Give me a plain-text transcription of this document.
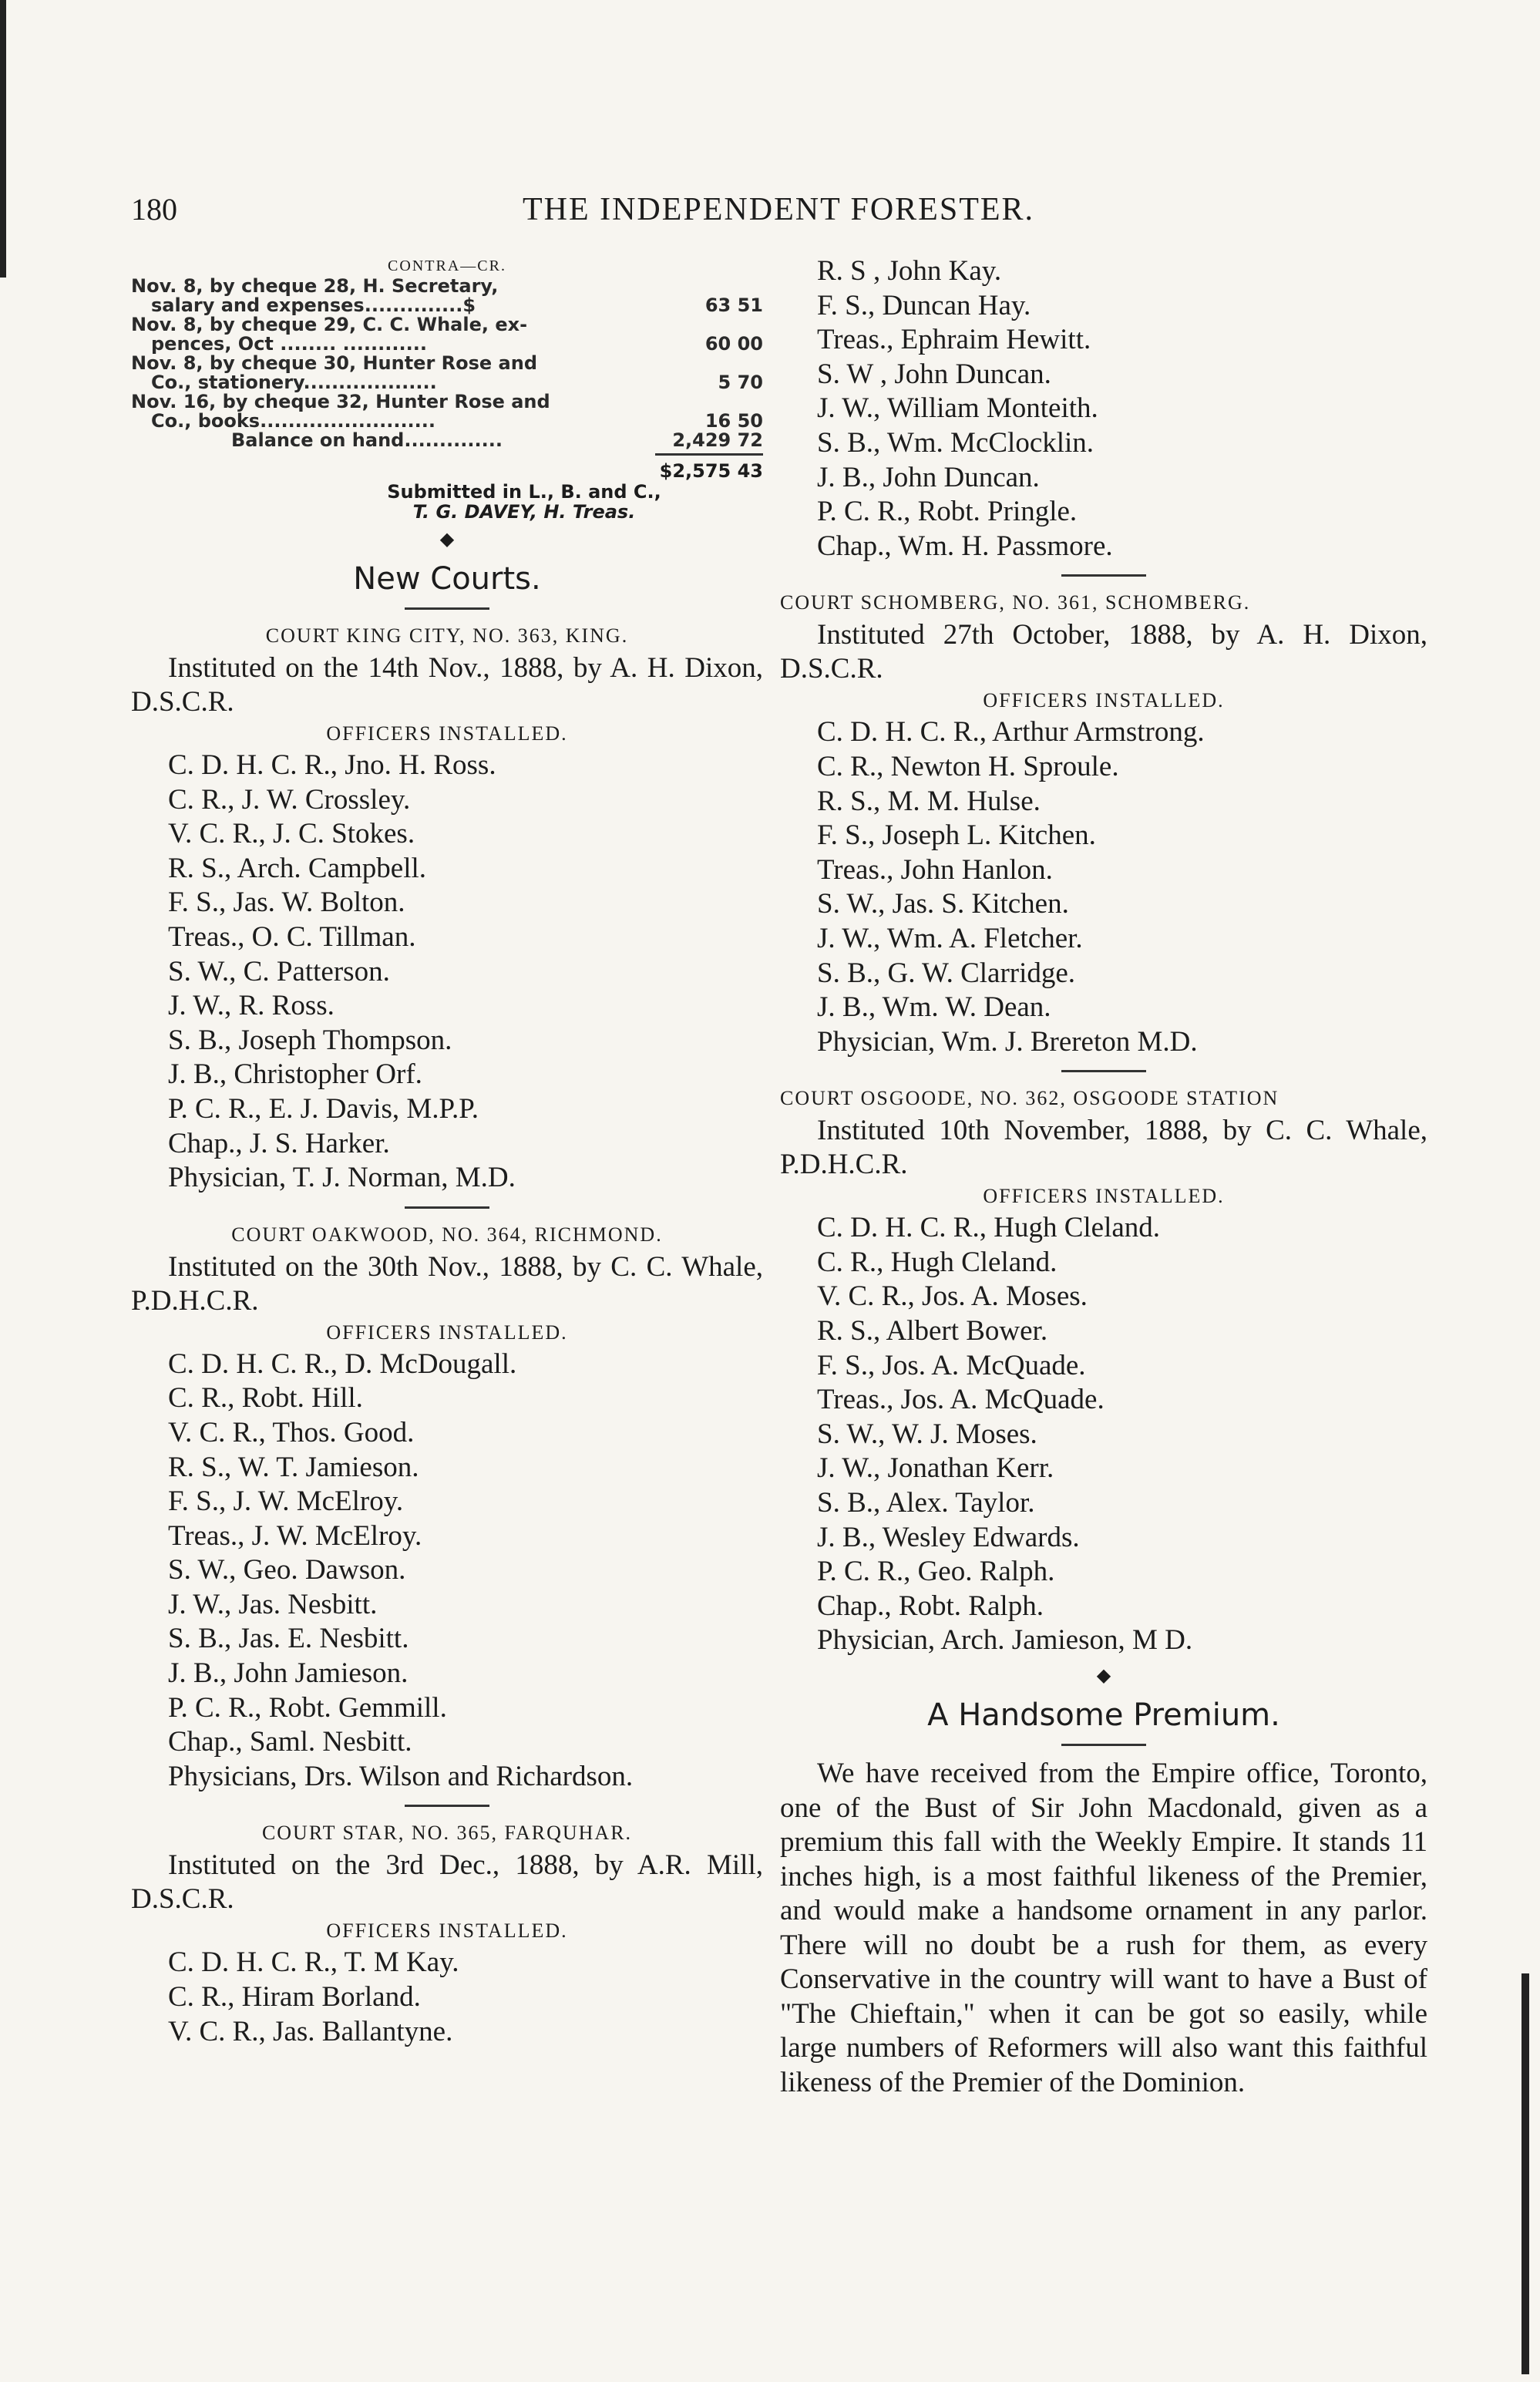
180	THE INDEPENDENT FORESTER.
CONTRA—CR.
Nov. 8, by cheque 28, H. Secretary,
salary and expenses..............$	63 51
Nov. 8, by cheque 29, C. C. Whale, ex-
pences, Oct ........ ............	60 00
Nov. 8, by cheque 30, Hunter Rose and
Co., stationery...................	5 70
Nov. 16, by cheque 32, Hunter Rose and
Co., books.........................	16 50
Balance on hand..............	2,429 72
$2,575 43
Submitted in L., B. and C.,
T. G. DAVEY, H. Treas.
◆
New Courts.
COURT KING CITY, NO. 363, KING.
Instituted on the 14th Nov., 1888, by A. H. Dixon, D.S.C.R.
OFFICERS INSTALLED.
C. D. H. C. R., Jno. H. Ross.
C. R., J. W. Crossley.
V. C. R., J. C. Stokes.
R. S., Arch. Campbell.
F. S., Jas. W. Bolton.
Treas., O. C. Tillman.
S. W., C. Patterson.
J. W., R. Ross.
S. B., Joseph Thompson.
J. B., Christopher Orf.
P. C. R., E. J. Davis, M.P.P.
Chap., J. S. Harker.
Physician, T. J. Norman, M.D.
COURT OAKWOOD, NO. 364, RICHMOND.
Instituted on the 30th Nov., 1888, by C. C. Whale, P.D.H.C.R.
OFFICERS INSTALLED.
C. D. H. C. R., D. McDougall.
C. R., Robt. Hill.
V. C. R., Thos. Good.
R. S., W. T. Jamieson.
F. S., J. W. McElroy.
Treas., J. W. McElroy.
S. W., Geo. Dawson.
J. W., Jas. Nesbitt.
S. B., Jas. E. Nesbitt.
J. B., John Jamieson.
P. C. R., Robt. Gemmill.
Chap., Saml. Nesbitt.
Physicians, Drs. Wilson and Richardson.
COURT STAR, NO. 365, FARQUHAR.
Instituted on the 3rd Dec., 1888, by A.R. Mill, D.S.C.R.
OFFICERS INSTALLED.
C. D. H. C. R., T. M Kay.
C. R., Hiram Borland.
V. C. R., Jas. Ballantyne.
R. S , John Kay.
F. S., Duncan Hay.
Treas., Ephraim Hewitt.
S. W , John Duncan.
J. W., William Monteith.
S. B., Wm. McClocklin.
J. B., John Duncan.
P. C. R., Robt. Pringle.
Chap., Wm. H. Passmore.
COURT SCHOMBERG, NO. 361, SCHOMBERG.
Instituted 27th October, 1888, by A. H. Dixon, D.S.C.R.
OFFICERS INSTALLED.
C. D. H. C. R., Arthur Armstrong.
C. R., Newton H. Sproule.
R. S., M. M. Hulse.
F. S., Joseph L. Kitchen.
Treas., John Hanlon.
S. W., Jas. S. Kitchen.
J. W., Wm. A. Fletcher.
S. B., G. W. Clarridge.
J. B., Wm. W. Dean.
Physician, Wm. J. Brereton M.D.
COURT OSGOODE, NO. 362, OSGOODE STATION
Instituted 10th November, 1888, by C. C. Whale, P.D.H.C.R.
OFFICERS INSTALLED.
C. D. H. C. R., Hugh Cleland.
C. R., Hugh Cleland.
V. C. R., Jos. A. Moses.
R. S., Albert Bower.
F. S., Jos. A. McQuade.
Treas., Jos. A. McQuade.
S. W., W. J. Moses.
J. W., Jonathan Kerr.
S. B., Alex. Taylor.
J. B., Wesley Edwards.
P. C. R., Geo. Ralph.
Chap., Robt. Ralph.
Physician, Arch. Jamieson, M D.
◆
A Handsome Premium.
We have received from the Empire office, Toronto, one of the Bust of Sir John Macdonald, given as a premium this fall with the Weekly Empire. It stands 11 inches high, is a most faithful likeness of the Premier, and would make a handsome ornament in any parlor. There will no doubt be a rush for them, as every Conservative in the country will want to have a Bust of "The Chieftain," when it can be got so easily, while large numbers of Reformers will also want this faithful likeness of the Premier of the Dominion.
